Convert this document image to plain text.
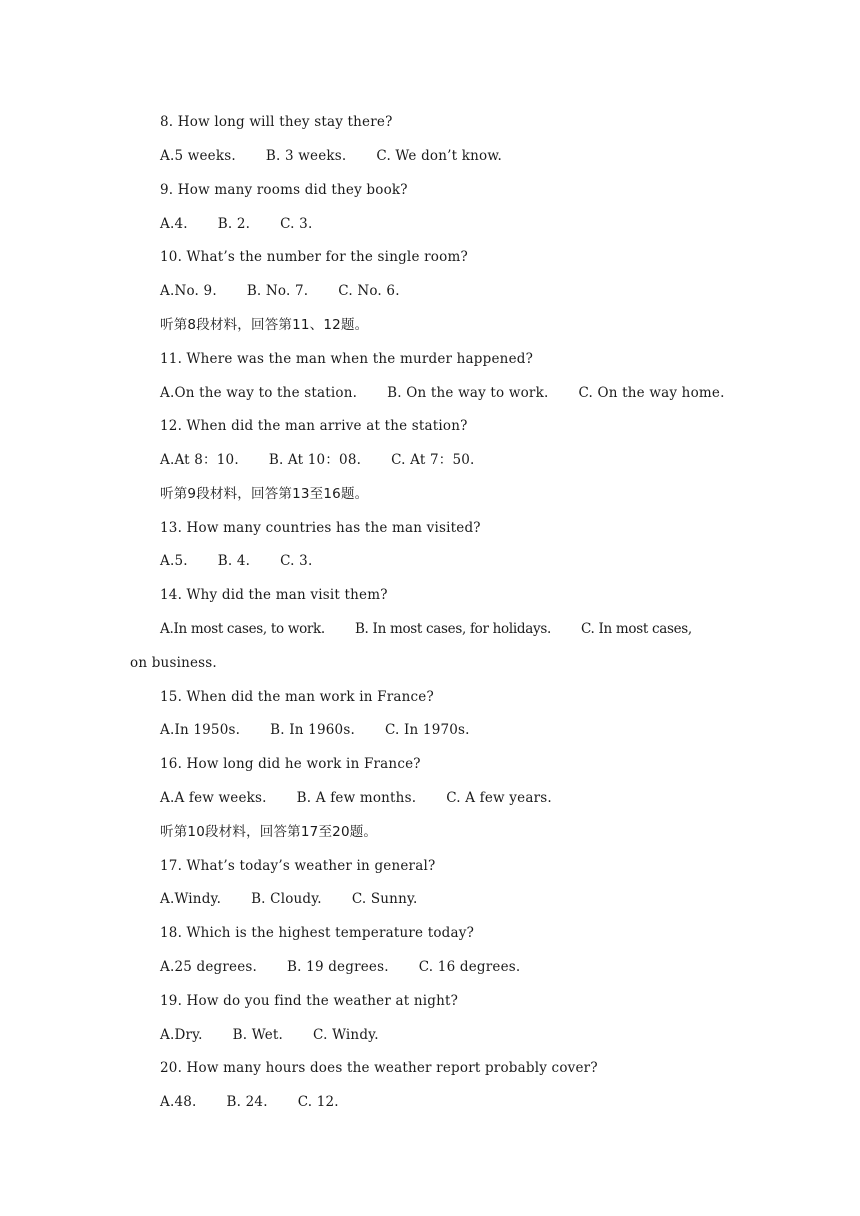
8. How long will they stay there?
A.5 weeks. B. 3 weeks. C. We don’t know.
9. How many rooms did they book?
A.4. B. 2. C. 3.
10. What’s the number for the single room?
A.No. 9. B. No. 7. C. No. 6.
听第8段材料，回答第11、12题。
11. Where was the man when the murder happened?
A.On the way to the station. B. On the way to work. C. On the way home.
12. When did the man arrive at the station?
A.At 8：10. B. At 10：08. C. At 7：50.
听第9段材料，回答第13至16题。
13. How many countries has the man visited?
A.5. B. 4. C. 3.
14. Why did the man visit them?
A.In most cases, to work. B. In most cases, for holidays. C. In most cases,
on business.
15. When did the man work in France?
A.In 1950s. B. In 1960s. C. In 1970s.
16. How long did he work in France?
A.A few weeks. B. A few months. C. A few years.
听第10段材料，回答第17至20题。
17. What’s today’s weather in general?
A.Windy. B. Cloudy. C. Sunny.
18. Which is the highest temperature today?
A.25 degrees. B. 19 degrees. C. 16 degrees.
19. How do you find the weather at night?
A.Dry. B. Wet. C. Windy.
20. How many hours does the weather report probably cover?
A.48. B. 24. C. 12.
